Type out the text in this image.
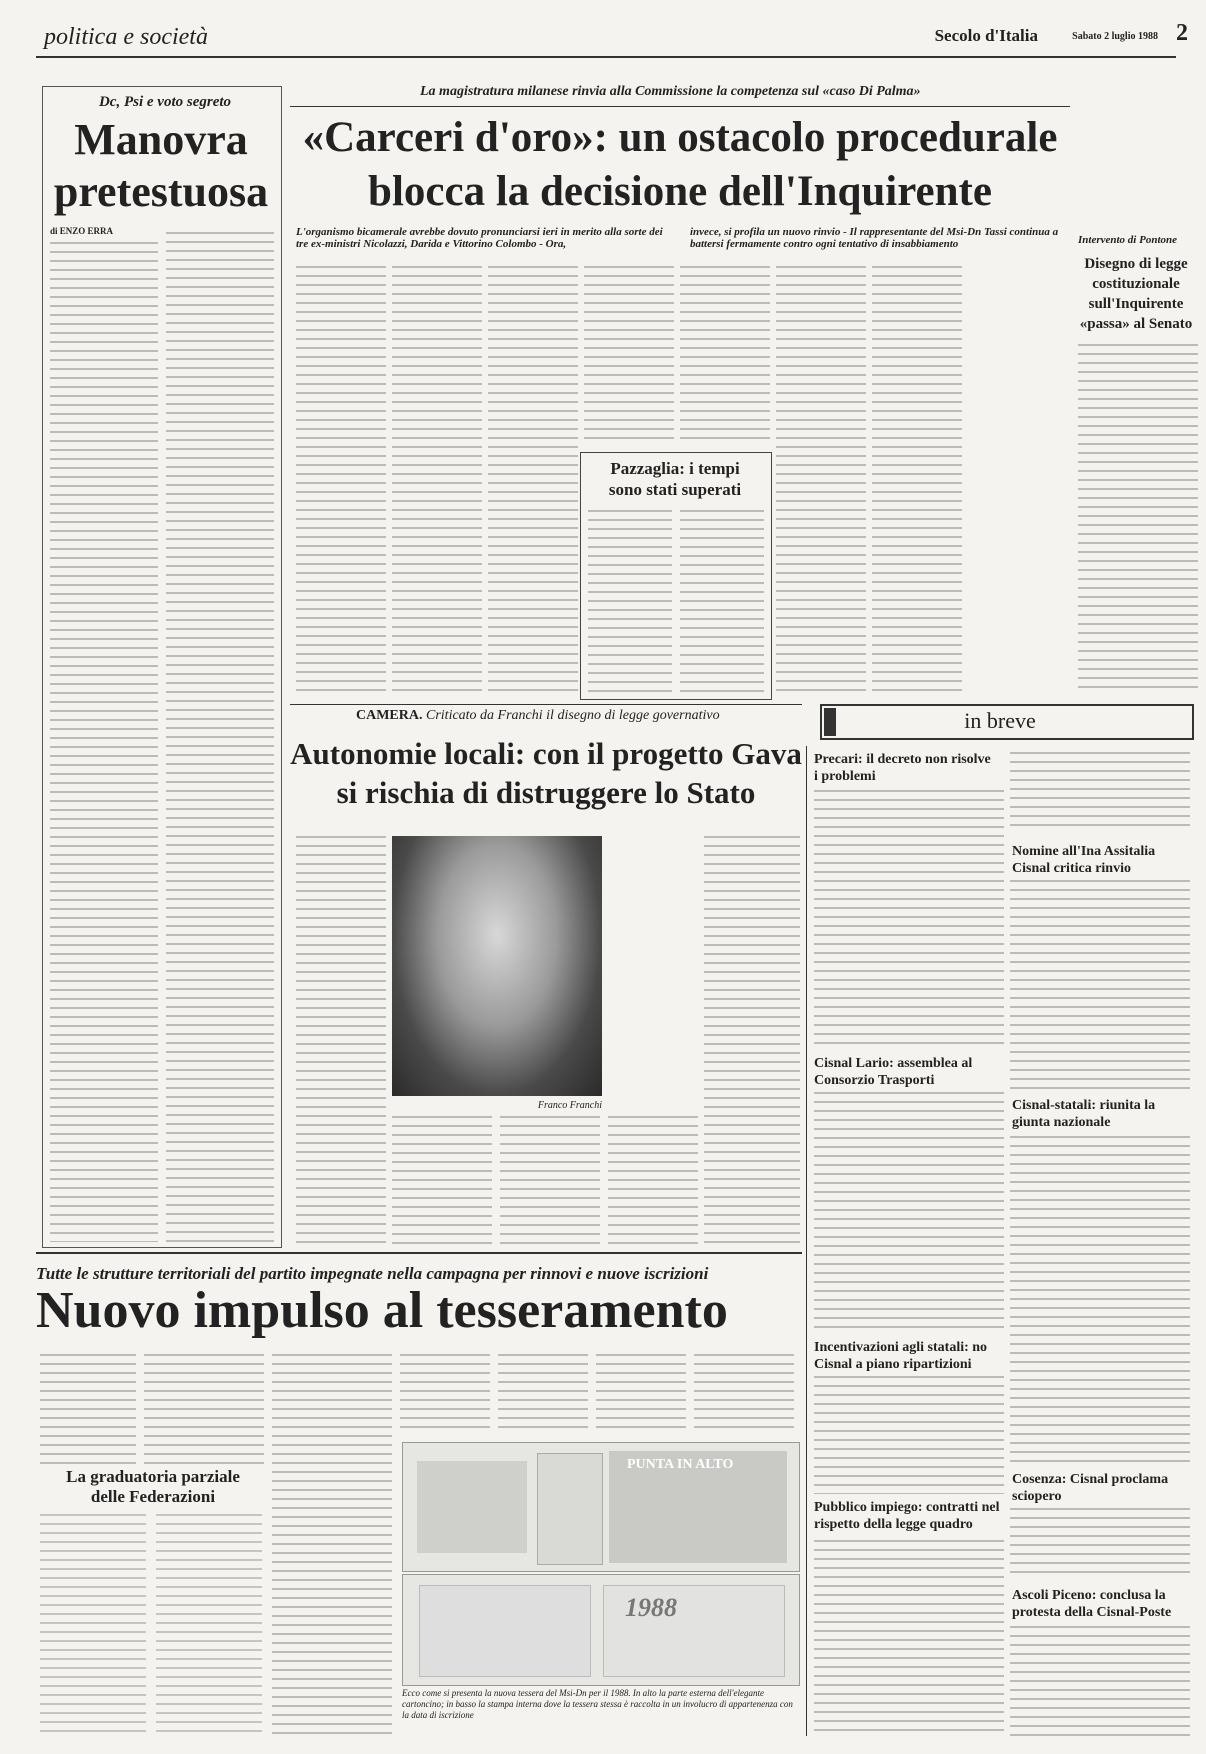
politica e società	Secolo d'Italia	Sabato 2 luglio 1988 2
Dc, Psi e voto segreto
Manovra
pretestuosa
di ENZO ERRA
La magistratura milanese rinvia alla Commissione la competenza sul «caso Di Palma»
«Carceri d'oro»: un ostacolo procedurale
blocca la decisione dell'Inquirente
L'organismo bicamerale avrebbe dovuto pronunciarsi ieri in merito alla sorte dei tre ex-ministri Nicolazzi, Darida e Vittorino Colombo - Ora,
invece, si profila un nuovo rinvio - Il rappresentante del Msi-Dn Tassi continua a battersi fermamente contro ogni tentativo di insabbiamento
Pazzaglia: i tempi
sono stati superati
Intervento di Pontone
Disegno di legge
costituzionale
sull'Inquirente
«passa» al Senato
CAMERA. Criticato da Franchi il disegno di legge governativo
Autonomie locali: con il progetto Gava
si rischia di distruggere lo Stato
Franco Franchi
in breve
Precari: il decreto non risolve i problemi
Nomine all'Ina Assitalia Cisnal critica rinvio
Cisnal Lario: assemblea al Consorzio Trasporti
Cisnal-statali: riunita la giunta nazionale
Incentivazioni agli statali: no Cisnal a piano ripartizioni
Cosenza: Cisnal proclama sciopero
Pubblico impiego: contratti nel rispetto della legge quadro
Ascoli Piceno: conclusa la protesta della Cisnal-Poste
Tutte le strutture territoriali del partito impegnate nella campagna per rinnovi e nuove iscrizioni
Nuovo impulso al tesseramento
La graduatoria parziale
delle Federazioni
PUNTA IN ALTO
1988
Ecco come si presenta la nuova tessera del Msi-Dn per il 1988. In alto la parte esterna dell'elegante cartoncino; in basso la stampa interna dove la tessera stessa è raccolta in un involucro di appartenenza con la data di iscrizione
